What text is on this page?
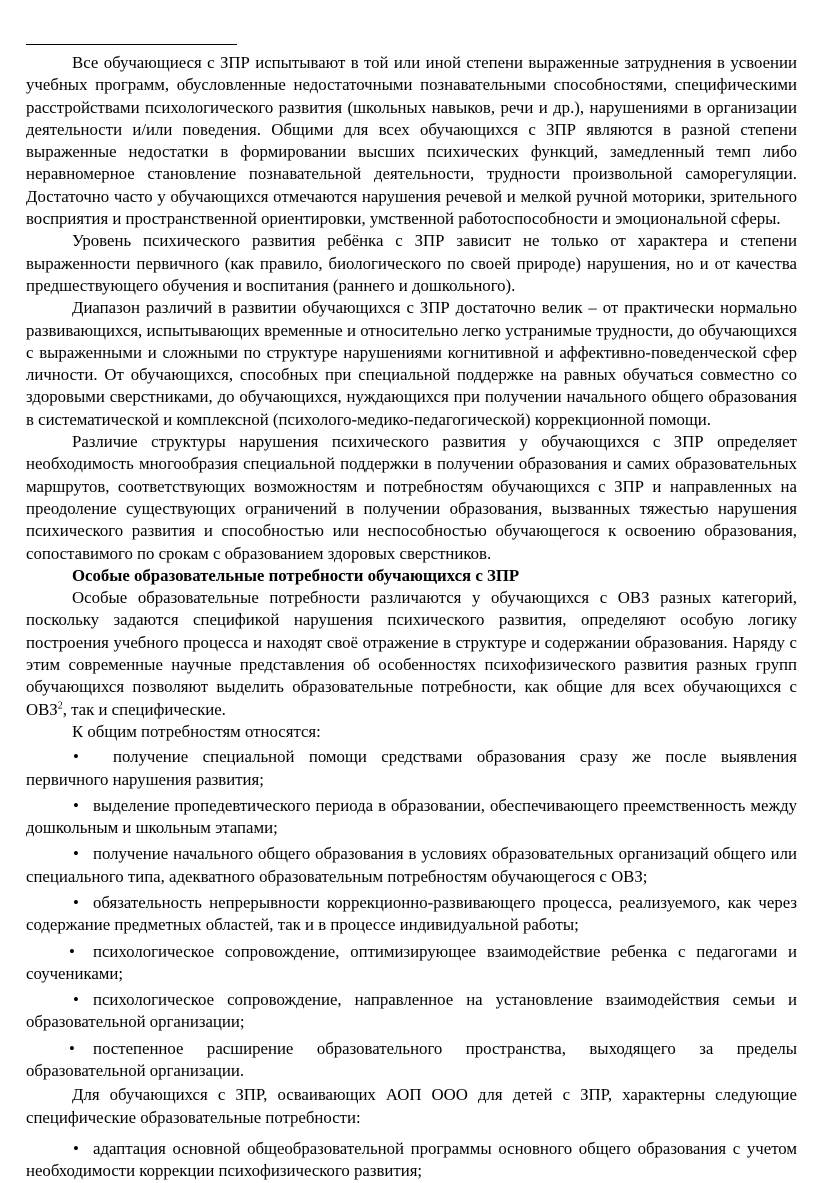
Все обучающиеся с ЗПР испытывают в той или иной степени выраженные затруднения в усвоении учебных программ, обусловленные недостаточными познавательными способностями, специфическими расстройствами психологического развития (школьных навыков, речи и др.), нарушениями в организации деятельности и/или поведения. Общими для всех обучающихся с ЗПР являются в разной степени выраженные недостатки в формировании высших психических функций, замедленный темп либо неравномерное становление познавательной деятельности, трудности произвольной саморегуляции. Достаточно часто у обучающихся отмечаются нарушения речевой и мелкой ручной моторики, зрительного восприятия и пространственной ориентировки, умственной работоспособности и эмоциональной сферы.

Уровень психического развития ребёнка с ЗПР зависит не только от характера и степени выраженности первичного (как правило, биологического по своей природе) нарушения, но и от качества предшествующего обучения и воспитания (раннего и дошкольного).

Диапазон различий в развитии обучающихся с ЗПР достаточно велик – от практически нормально развивающихся, испытывающих временные и относительно легко устранимые трудности, до обучающихся с выраженными и сложными по структуре нарушениями когнитивной и аффективно-поведенческой сфер личности. От обучающихся, способных при специальной поддержке на равных обучаться совместно со здоровыми сверстниками, до обучающихся, нуждающихся при получении начального общего образования в систематической и комплексной (психолого-медико-педагогической) коррекционной помощи.

Различие структуры нарушения психического развития у обучающихся с ЗПР определяет необходимость многообразия специальной поддержки в получении образования и самих образовательных маршрутов, соответствующих возможностям и потребностям обучающихся с ЗПР и направленных на преодоление существующих ограничений в получении образования, вызванных тяжестью нарушения психического развития и способностью или неспособностью обучающегося к освоению образования, сопоставимого по срокам с образованием здоровых сверстников.

Особые образовательные потребности обучающихся с ЗПР

Особые образовательные потребности различаются у обучающихся с ОВЗ разных категорий, поскольку задаются спецификой нарушения психического развития, определяют особую логику построения учебного процесса и находят своё отражение в структуре и содержании образования. Наряду с этим современные научные представления об особенностях психофизического развития разных групп обучающихся позволяют выделить образовательные потребности, как общие для всех обучающихся с ОВЗ$^2$, так и специфические.

К общим потребностям относятся:

• получение специальной помощи средствами образования сразу же после выявления первичного нарушения развития;
• выделение пропедевтического периода в образовании, обеспечивающего преемственность между дошкольным и школьным этапами;
• получение начального общего образования в условиях образовательных организаций общего или специального типа, адекватного образовательным потребностям обучающегося с ОВЗ;
• обязательность непрерывности коррекционно-развивающего процесса, реализуемого, как через содержание предметных областей, так и в процессе индивидуальной работы;
• психологическое сопровождение, оптимизирующее взаимодействие ребенка с педагогами и соучениками;
• психологическое сопровождение, направленное на установление взаимодействия семьи и образовательной организации;
• постепенное расширение образовательного пространства, выходящего за пределы образовательной организации.

Для обучающихся с ЗПР, осваивающих АОП ООО для детей с ЗПР, характерны следующие специфические образовательные потребности:

• адаптация основной общеобразовательной программы основного общего образования с учетом необходимости коррекции психофизического развития;
